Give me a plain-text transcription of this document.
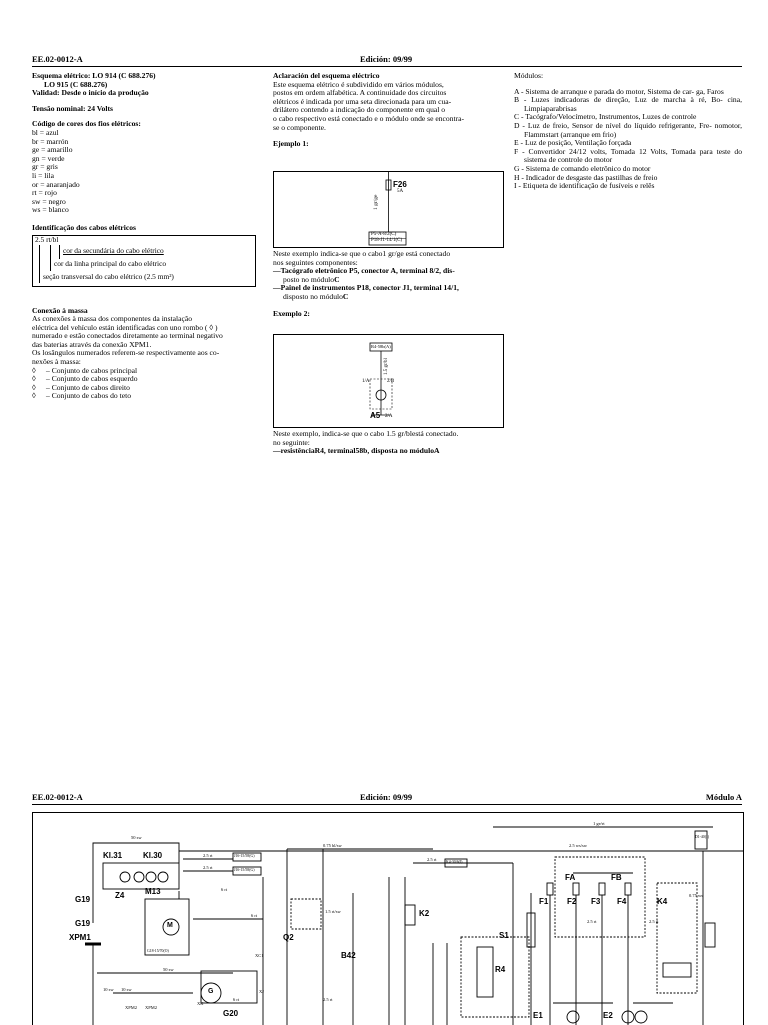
EE.02-0012-A	Edición: 09/99

Esquema elétrico: LO 914 (C 688.276)

LO 915 (C 688.276)

Validad: Desde o início da produção

Tensão nominal: 24 Volts

Código de cores dos fios elétricos:

bl = azul

br = marrón

ge = amarillo

gn = verde

gr = gris

li = lila

or = anaranjado

rt = rojo

sw = negro

ws = blanco

Identificação dos cabos elétricos

2.5 rt/bl
cor da secundária do cabo elétrico
cor da linha principal do cabo elétrico
seção transversal do cabo elétrico (2.5 mm²)

Conexão à massa

As conexões à massa dos componentes da instalação

eléctrica del vehículo están identificadas con uno rombo ( ◊ )

numerado e estão conectados diretamente ao terminal negativo

das baterias através da conexão XPM1.

Os losângulos numerados referem-se respectivamente aos co-

nexões à massa:

◊ – Conjunto de cabos principal

◊ – Conjunto de cabos esquerdo

◊ – Conjunto de cabos direito

◊ – Conjunto de cabos do teto

Aclaración del esquema eléctrico

Este esquema elétrico é subdividido em vários módulos,

postos em ordem alfabética. A continuidade dos circuitos

elétricos é indicada por uma seta direcionada para um cua-

drilátero contendo a indicação do componente em qual o

o cabo respectivo está conectado e o módulo onde se encontra-

se o componente.

Ejemplo 1:

F26
5A
1 gr/ge
P5-A-8/2(C)
P18-J1-14/1(C)

Neste exemplo indica-se que o cabo1 gr/ge está conectado

nos seguintes componentes:

—Tacógrafo eletrônico P5, conector A, terminal 8/2, dis-

posto no móduloC

—Painel de instrumentos P18, conector J1, terminal 14/1,

disposto no móduloC

Exemplo 2:

R4-58b(A)
1.5 gr/bl
1/A	2/B
A5 2/A

Neste exemplo, indica-se que o cabo 1.5 gr/blestá conectado.

no seguinte:

—resistênciaR4, terminal58b, disposta no móduloA

Módulos:

A - Sistema de arranque e parada do motor, Sistema de car- ga, Faros

B - Luzes indicadoras de direção, Luz de marcha à ré, Bo- cina, Limpiaparabrisas

C - Tacógrafo/Velocímetro, Instrumentos, Luzes de controle

D - Luz de freio, Sensor de nível do líquido refrigerante, Fre- nomotor, Flammstart (arranque em frio)

E - Luz de posição, Ventilação forçada

F - Convertidor 24/12 volts, Tomada 12 Volts, Tomada para teste do sistema de controle do motor

G - Sistema de comando eletrônico do motor

H - Indicador de desgaste das pastilhas de freio

I - Etiqueta de identificação de fusíveis e relês

EE.02-0012-A	Edición: 09/99	Módulo A
Kl.31	Kl.30
G19
G19
Z4	M13
M
XPM1
G
G20
Q2
K2
B42
S1
R4
FA	FB
F1 F2 F3 F4	K4
E1	E2
50 sw
2.5 rt
2.5 rt
2.5 rt
0.75 bl/sw
1 ge/rt
2.5 ws/sw
6 rt
6 rt
6 rt
50 sw
10 sw 10 sw
1.5 rt/sw
2.5 rt
2.5 rt	2.5 rt
0.75 ws
XC1
XJ
XK
XPM2 XPM2
J16-15/58(G)
J16-15/58(G)
K4-30/6(I)
G18-15/70(O)
D1-40(1)
